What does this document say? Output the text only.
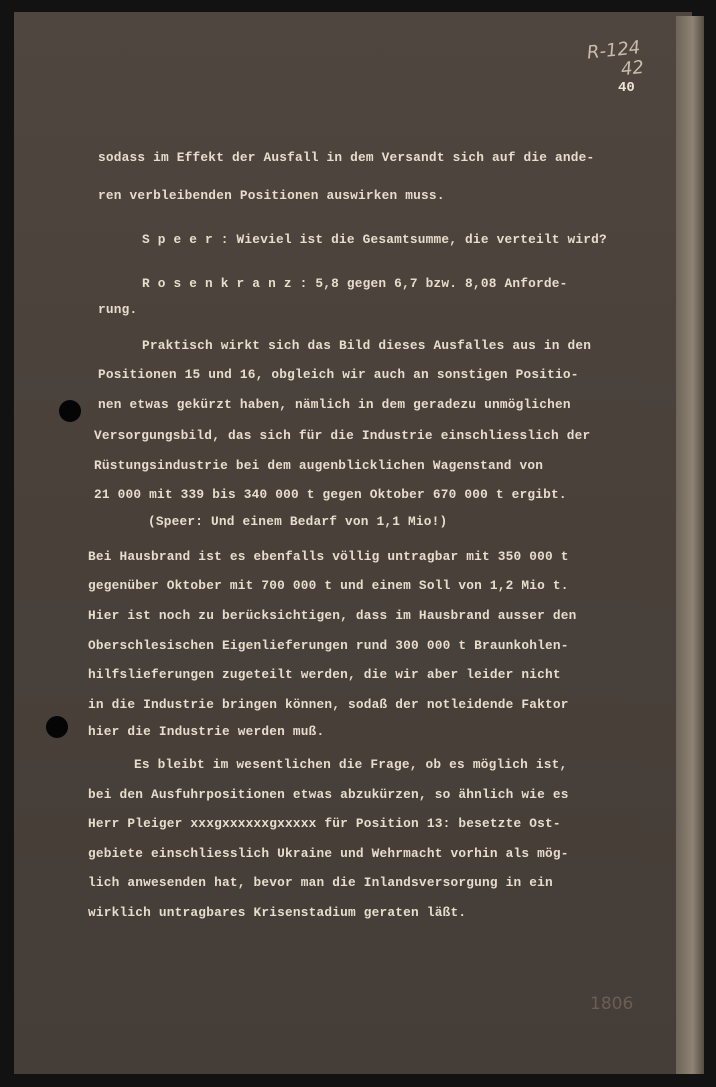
R-124
42
40
sodass im Effekt der Ausfall in dem Versandt sich auf die ande-
ren verbleibenden Positionen auswirken muss.
S p e e r : Wieviel ist die Gesamtsumme, die verteilt wird?
R o s e n k r a n z : 5,8 gegen 6,7 bzw. 8,08 Anforde-
rung.
Praktisch wirkt sich das Bild dieses Ausfalles aus in den
Positionen 15 und 16, obgleich wir auch an sonstigen Positio-
nen etwas gekürzt haben, nämlich in dem geradezu unmöglichen
Versorgungsbild, das sich für die Industrie einschliesslich der
Rüstungsindustrie bei dem augenblicklichen Wagenstand von
21 000 mit 339 bis 340 000 t gegen Oktober 670 000 t ergibt.
(Speer: Und einem Bedarf von 1,1 Mio!)
Bei Hausbrand ist es ebenfalls völlig untragbar mit 350 000 t
gegenüber Oktober mit 700 000 t und einem Soll von 1,2 Mio t.
Hier ist noch zu berücksichtigen, dass im Hausbrand ausser den
Oberschlesischen Eigenlieferungen rund 300 000 t Braunkohlen-
hilfslieferungen zugeteilt werden, die wir aber leider nicht
in die Industrie bringen können, sodaß der notleidende Faktor
hier die Industrie werden muß.
Es bleibt im wesentlichen die Frage, ob es möglich ist,
bei den Ausfuhrpositionen etwas abzukürzen, so ähnlich wie es
Herr Pleiger xxxgxxxxxxgxxxxx für Position 13: besetzte Ost-
gebiete einschliesslich Ukraine und Wehrmacht vorhin als mög-
lich anwesenden hat, bevor man die Inlandsversorgung in ein
wirklich untragbares Krisenstadium geraten läßt.
1806
